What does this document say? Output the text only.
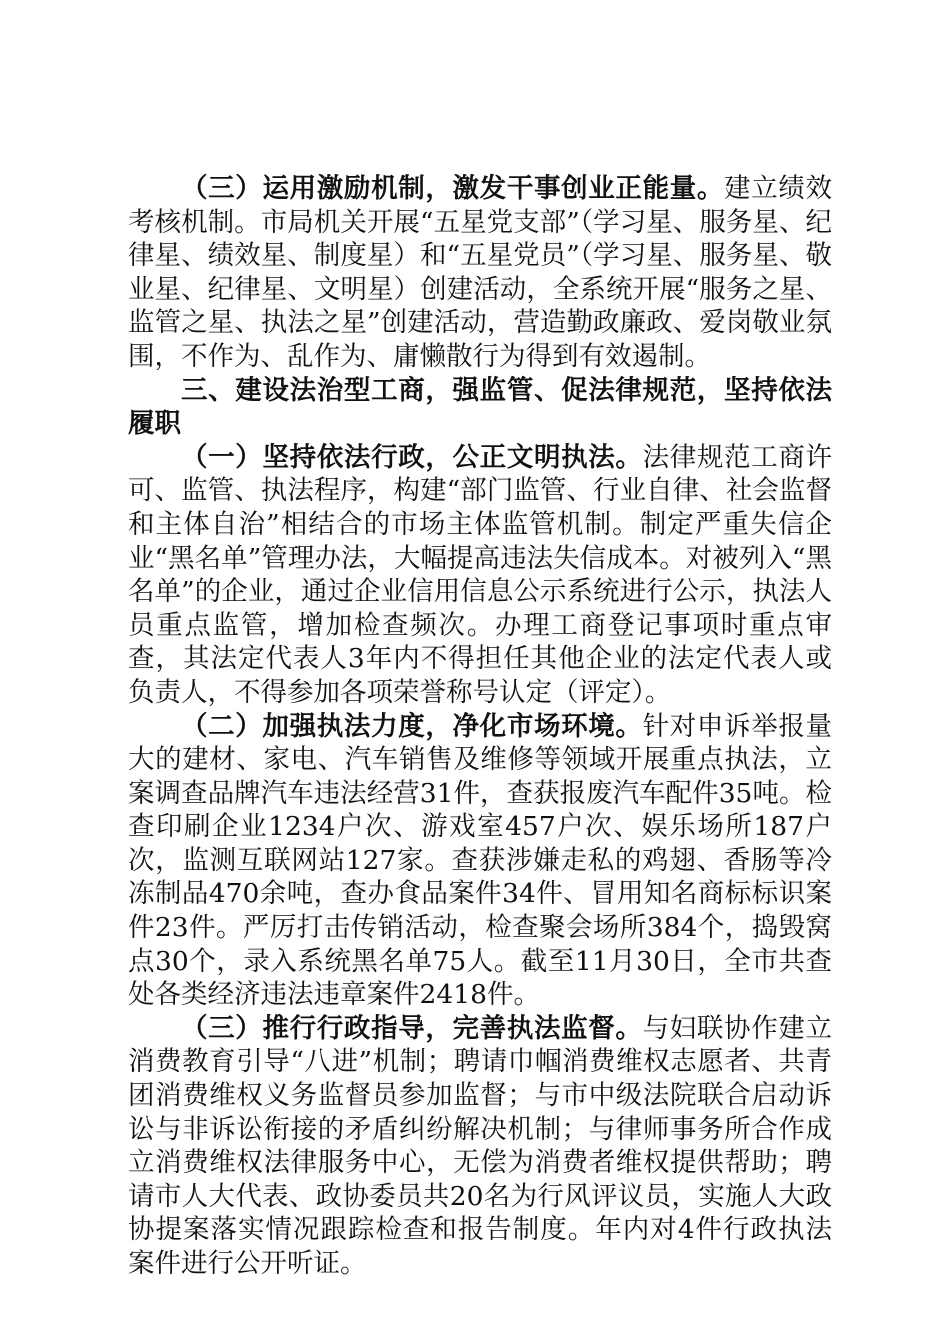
（三）运用激励机制，激发干事创业正能量。建立绩效考核机制。市局机关开展“五星党支部”（学习星、服务星、纪律星、绩效星、制度星）和“五星党员”（学习星、服务星、敬业星、纪律星、文明星）创建活动，全系统开展“服务之星、监管之星、执法之星”创建活动，营造勤政廉政、爱岗敬业氛围，不作为、乱作为、庸懒散行为得到有效遏制。

三、建设法治型工商，强监管、促法律规范，坚持依法履职

（一）坚持依法行政，公正文明执法。法律规范工商许可、监管、执法程序，构建“部门监管、行业自律、社会监督和主体自治”相结合的市场主体监管机制。制定严重失信企业“黑名单”管理办法，大幅提高违法失信成本。对被列入“黑名单”的企业，通过企业信用信息公示系统进行公示，执法人员重点监管，增加检查频次。办理工商登记事项时重点审查，其法定代表人3年内不得担任其他企业的法定代表人或负责人，不得参加各项荣誉称号认定（评定）。

（二）加强执法力度，净化市场环境。针对申诉举报量大的建材、家电、汽车销售及维修等领域开展重点执法，立案调查品牌汽车违法经营31件，查获报废汽车配件35吨。检查印刷企业1234户次、游戏室457户次、娱乐场所187户次，监测互联网站127家。查获涉嫌走私的鸡翅、香肠等冷冻制品470余吨，查办食品案件34件、冒用知名商标标识案件23件。严厉打击传销活动，检查聚会场所384个，捣毁窝点30个，录入系统黑名单75人。截至11月30日，全市共查处各类经济违法违章案件2418件。

（三）推行行政指导，完善执法监督。与妇联协作建立消费教育引导“八进”机制；聘请巾帼消费维权志愿者、共青团消费维权义务监督员参加监督；与市中级法院联合启动诉讼与非诉讼衔接的矛盾纠纷解决机制；与律师事务所合作成立消费维权法律服务中心，无偿为消费者维权提供帮助；聘请市人大代表、政协委员共20名为行风评议员，实施人大政协提案落实情况跟踪检查和报告制度。年内对4件行政执法案件进行公开听证。
